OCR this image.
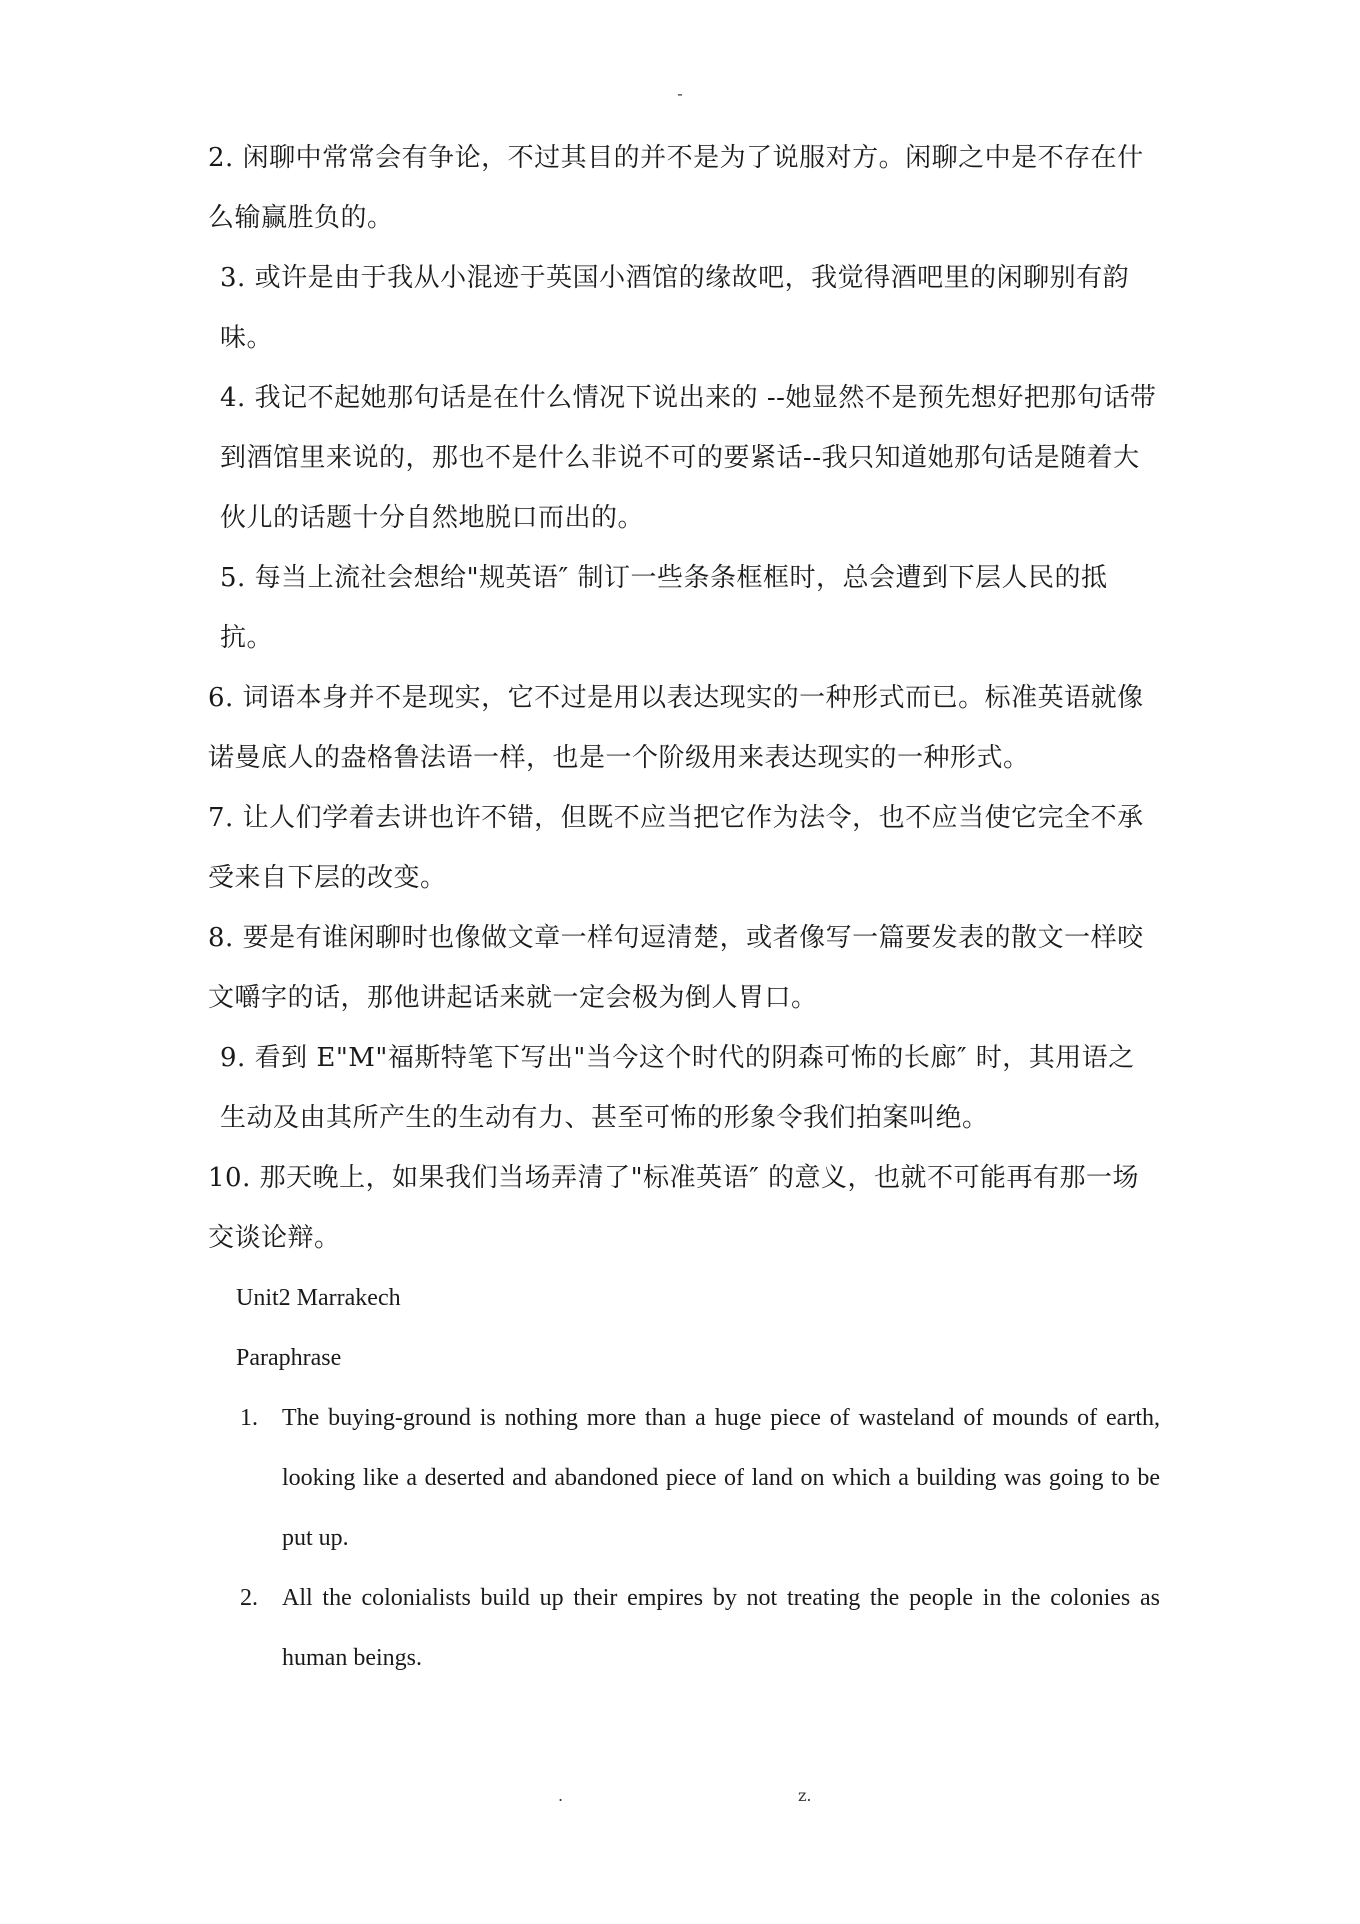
-

2. 闲聊中常常会有争论，不过其目的并不是为了说服对方。闲聊之中是不存在什么输赢胜负的。

3. 或许是由于我从小混迹于英国小酒馆的缘故吧，我觉得酒吧里的闲聊别有韵味。

4. 我记不起她那句话是在什么情况下说出来的 --她显然不是预先想好把那句话带到酒馆里来说的，那也不是什么非说不可的要紧话--我只知道她那句话是随着大伙儿的话题十分自然地脱口而出的。

5. 每当上流社会想给"规英语″ 制订一些条条框框时，总会遭到下层人民的抵抗。

6. 词语本身并不是现实，它不过是用以表达现实的一种形式而已。标准英语就像诺曼底人的盎格鲁法语一样，也是一个阶级用来表达现实的一种形式。

7. 让人们学着去讲也许不错，但既不应当把它作为法令，也不应当使它完全不承受来自下层的改变。

8. 要是有谁闲聊时也像做文章一样句逗清楚，或者像写一篇要发表的散文一样咬文嚼字的话，那他讲起话来就一定会极为倒人胃口。

9. 看到 E"M"福斯特笔下写出"当今这个时代的阴森可怖的长廊″ 时，其用语之生动及由其所产生的生动有力、甚至可怖的形象令我们拍案叫绝。

10. 那天晚上，如果我们当场弄清了"标准英语″ 的意义，也就不可能再有那一场交谈论辩。

Unit2 Marrakech

Paraphrase

1. The buying-ground is nothing more than a huge piece of wasteland of mounds of earth, looking like a deserted and abandoned piece of land on which a building was going to be put up.
2. All the colonialists build up their empires by not treating the people in the colonies as human beings.
.	z.
